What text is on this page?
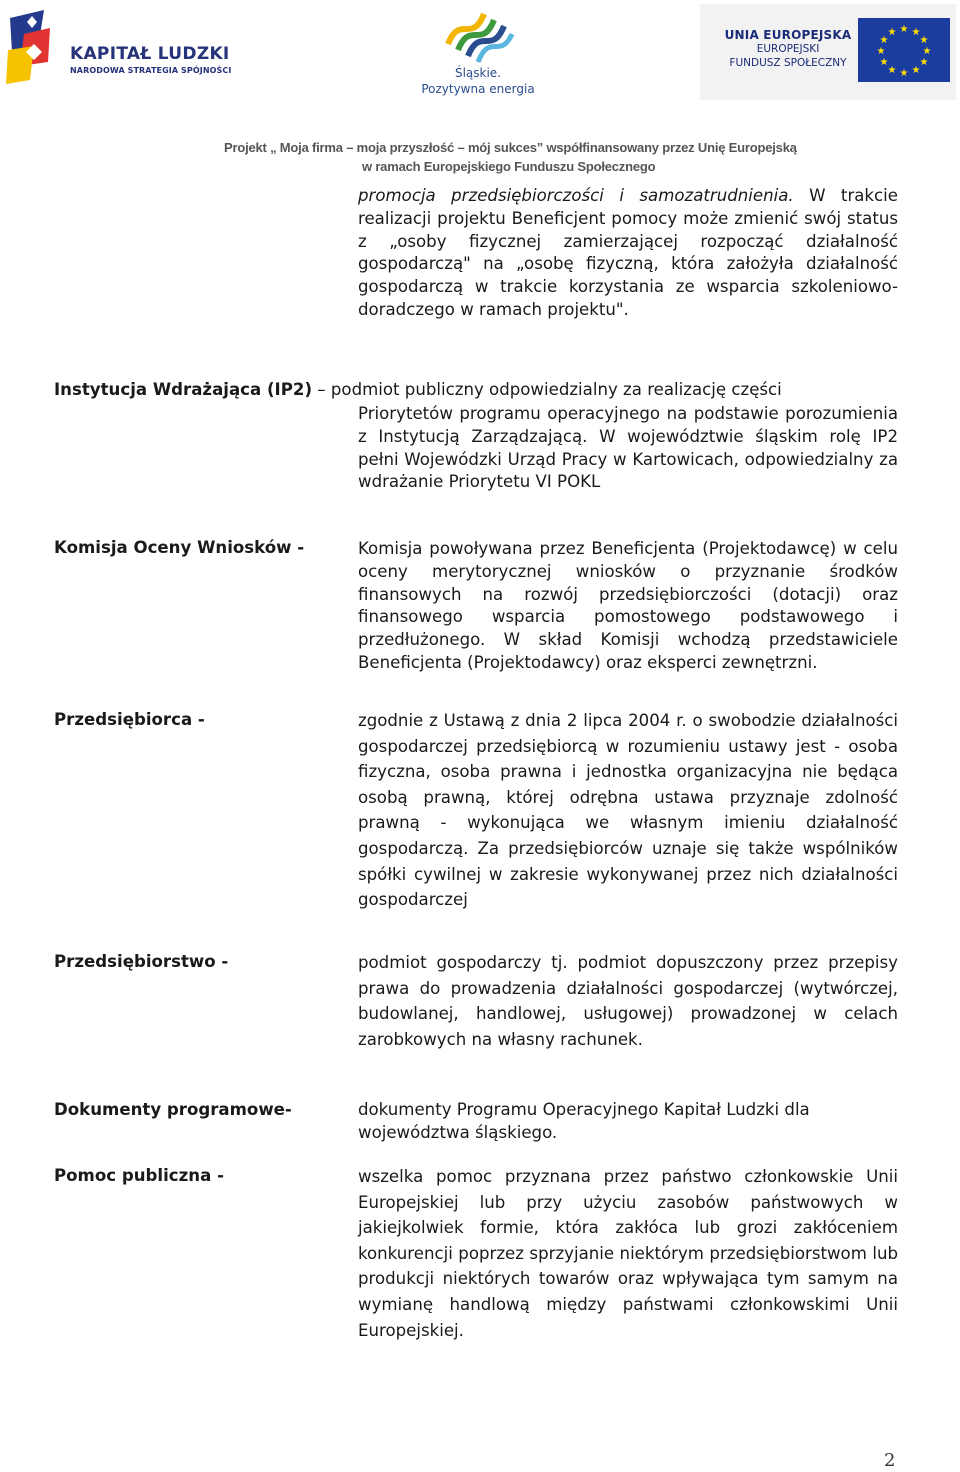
KAPITAŁ LUDZKI
NARODOWA STRATEGIA SPÓJNOŚCI	Śląskie.
Pozytywna energia
UNIA EUROPEJSKA
EUROPEJSKI
FUNDUSZ SPOŁECZNY
★ ★
★
★
★
★
★
★
★
★
★
★
Projekt „ Moja firma – moja przyszłość – mój sukces” współfinansowany przez Unię Europejską
w ramach Europejskiego Funduszu Społecznego
promocja przedsiębiorczości i samozatrudnienia. W trakcie realizacji projektu Beneficjent pomocy może zmienić swój status z „osoby fizycznej zamierzającej rozpocząć działalność gospodarczą" na „osobę fizyczną, która założyła działalność gospodarczą w trakcie korzystania ze wsparcia szkoleniowo-doradczego w ramach projektu".
Instytucja Wdrażająca (IP2) – podmiot publiczny odpowiedzialny za realizację części
Priorytetów programu operacyjnego na podstawie porozumienia z Instytucją Zarządzającą. W województwie śląskim rolę IP2 pełni Wojewódzki Urząd Pracy w Kartowicach, odpowiedzialny za wdrażanie Priorytetu VI POKL
Komisja Oceny Wniosków -	Komisja powoływana przez Beneficjenta (Projektodawcę) w celu oceny merytorycznej wniosków o przyznanie środków finansowych na rozwój przedsiębiorczości (dotacji) oraz finansowego wsparcia pomostowego podstawowego i przedłużonego. W skład Komisji wchodzą przedstawiciele Beneficjenta (Projektodawcy) oraz eksperci zewnętrzni.
Przedsiębiorca -	zgodnie z Ustawą z dnia 2 lipca 2004 r. o swobodzie działalności gospodarczej przedsiębiorcą w rozumieniu ustawy jest - osoba fizyczna, osoba prawna i jednostka organizacyjna nie będąca osobą prawną, której odrębna ustawa przyznaje zdolność prawną - wykonująca we własnym imieniu działalność gospodarczą. Za przedsiębiorców uznaje się także wspólników spółki cywilnej w zakresie wykonywanej przez nich działalności gospodarczej
Przedsiębiorstwo -	podmiot gospodarczy tj. podmiot dopuszczony przez przepisy prawa do prowadzenia działalności gospodarczej (wytwórczej, budowlanej, handlowej, usługowej) prowadzonej w celach zarobkowych na własny rachunek.
Dokumenty programowe-	dokumenty Programu Operacyjnego Kapitał Ludzki dla województwa śląskiego.
Pomoc publiczna -	wszelka pomoc przyznana przez państwo członkowskie Unii Europejskiej lub przy użyciu zasobów państwowych w jakiejkolwiek formie, która zakłóca lub grozi zakłóceniem konkurencji poprzez sprzyjanie niektórym przedsiębiorstwom lub produkcji niektórych towarów oraz wpływająca tym samym na wymianę handlową między państwami członkowskimi Unii Europejskiej.
2
